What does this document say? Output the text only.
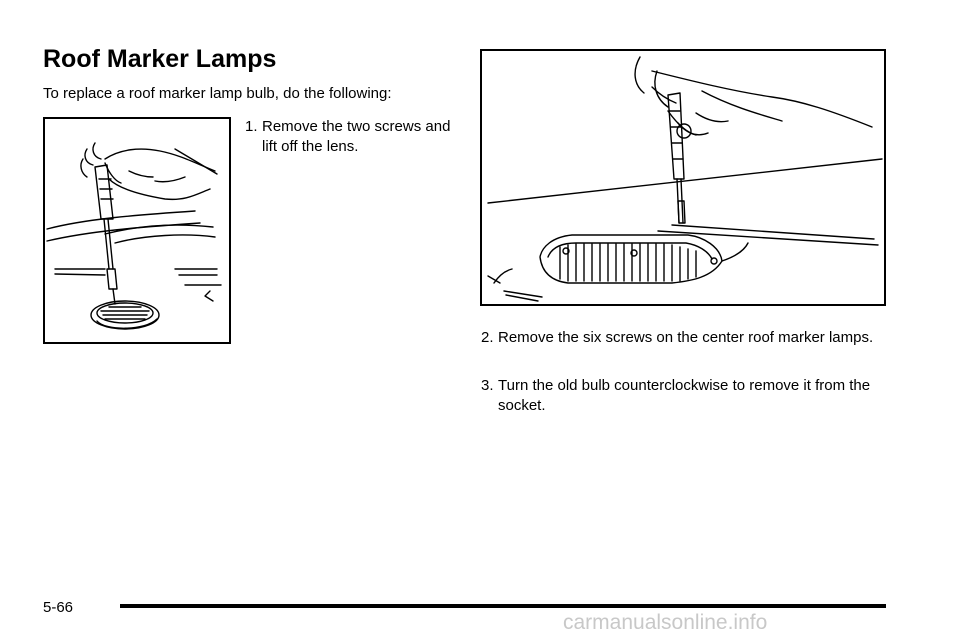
Roof Marker Lamps
To replace a roof marker lamp bulb, do the following:
1. Remove the two screws and lift off the lens.
2. Remove the six screws on the center roof marker lamps.
3. Turn the old bulb counterclockwise to remove it from the socket.
5-66
carmanualsonline.info
